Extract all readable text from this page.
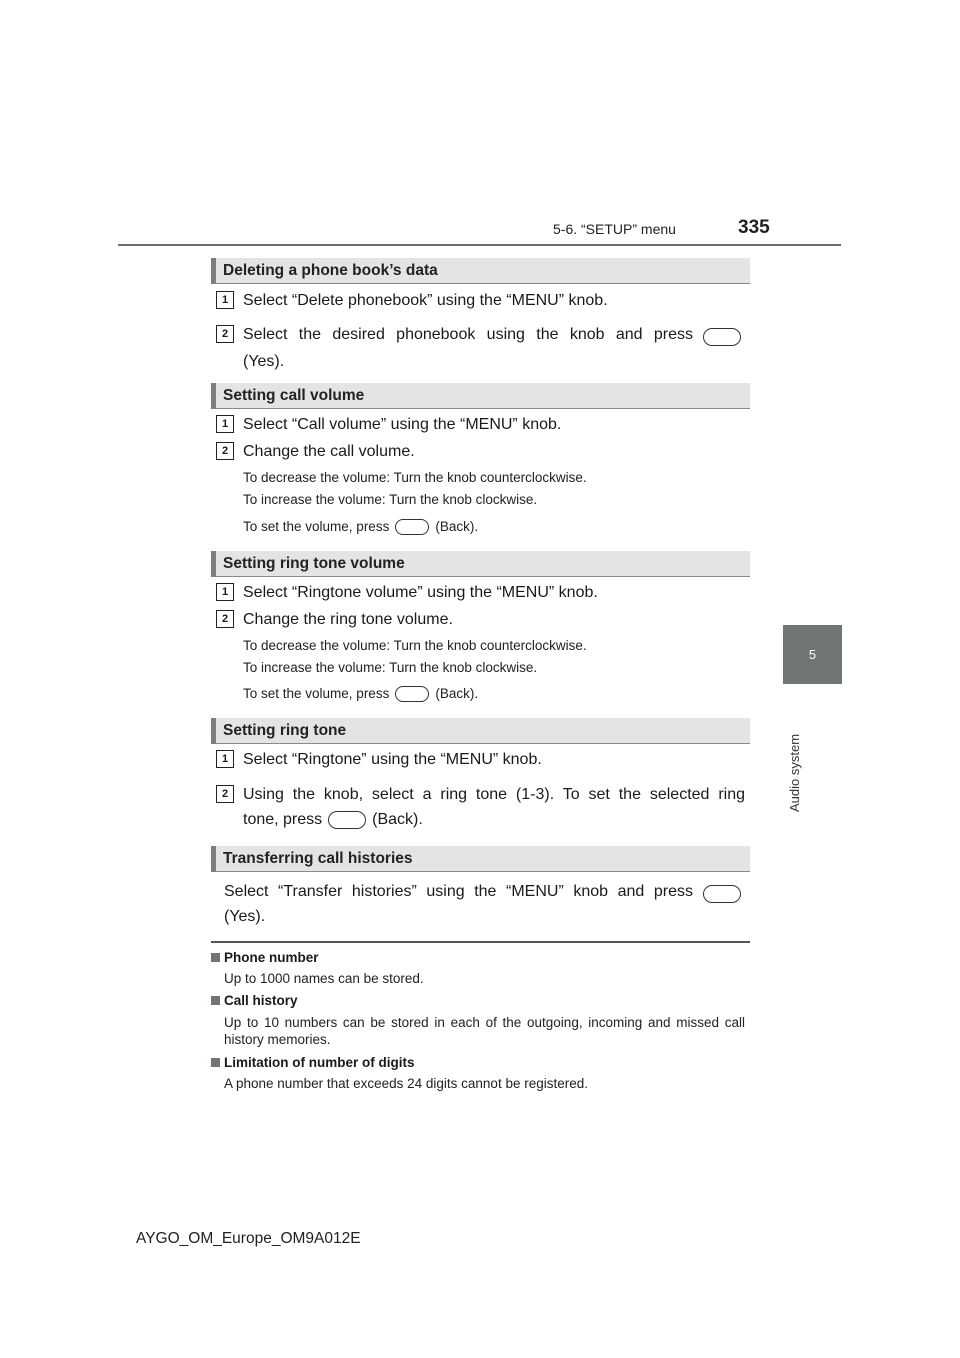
5-6. “SETUP” menu	335
5
Audio system
Deleting a phone book’s data
1 Select “Delete phonebook” using the “MENU” knob.
2 Select the desired phonebook using the knob and press
(Yes).
Setting call volume
1 Select “Call volume” using the “MENU” knob.
2 Change the call volume.
To decrease the volume: Turn the knob counterclockwise.
To increase the volume: Turn the knob clockwise.
To set the volume, press	(Back).
Setting ring tone volume
1 Select “Ringtone volume” using the “MENU” knob.
2 Change the ring tone volume.
To decrease the volume: Turn the knob counterclockwise.
To increase the volume: Turn the knob clockwise.
To set the volume, press	(Back).
Setting ring tone
1 Select “Ringtone” using the “MENU” knob.
2 Using the knob, select a ring tone (1-3). To set the selected ring
tone, press	(Back).
Transferring call histories
Select “Transfer histories” using the “MENU” knob and press
(Yes).
Phone number
Up to 1000 names can be stored.
Call history
Up to 10 numbers can be stored in each of the outgoing, incoming and missed call history memories.
Limitation of number of digits
A phone number that exceeds 24 digits cannot be registered.
AYGO_OM_Europe_OM9A012E
